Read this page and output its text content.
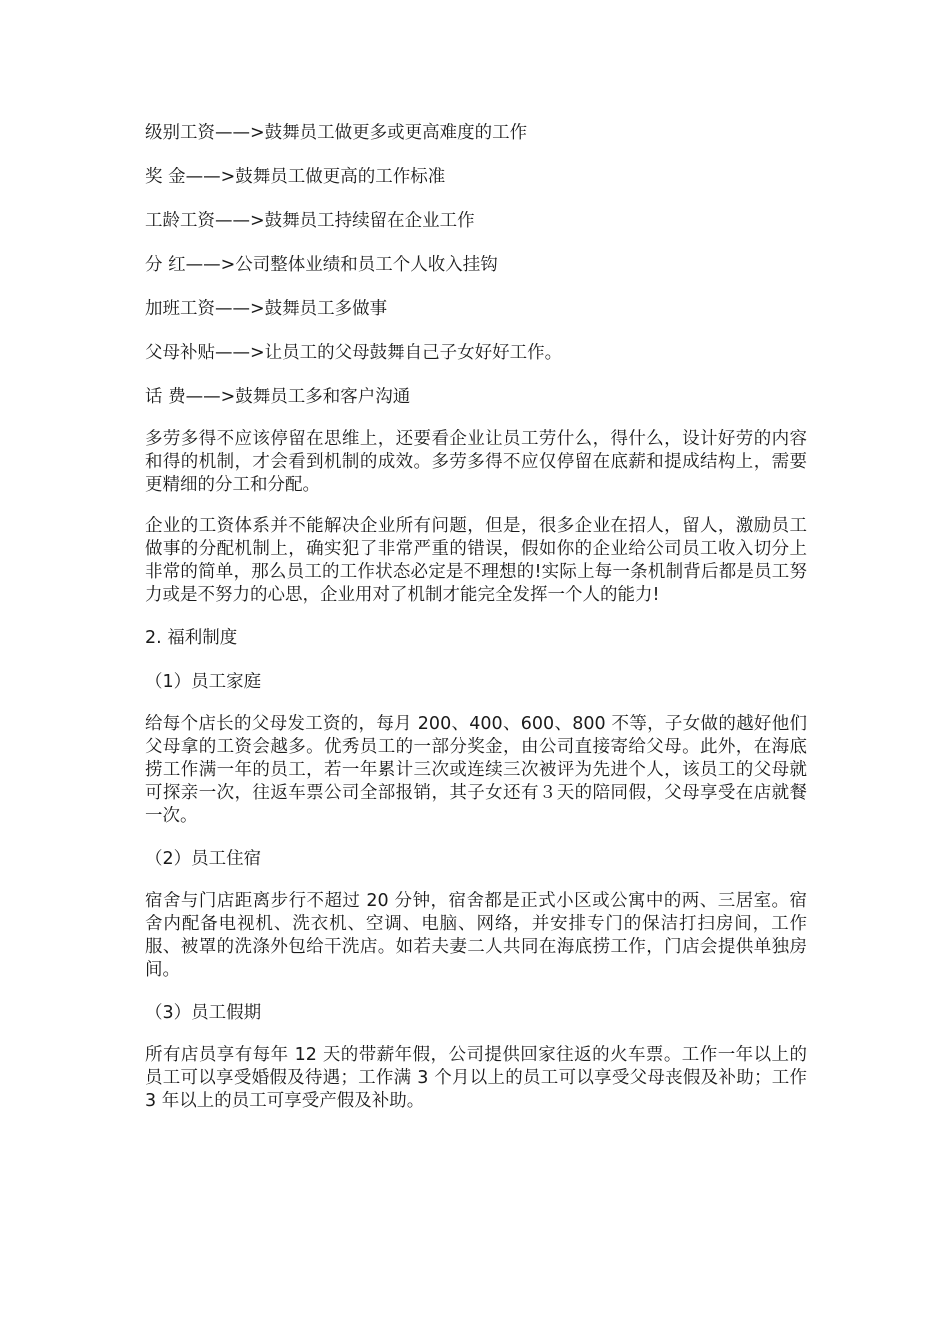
级别工资——>鼓舞员工做更多或更高难度的工作
奖 金——>鼓舞员工做更高的工作标准
工龄工资——>鼓舞员工持续留在企业工作
分 红——>公司整体业绩和员工个人收入挂钩
加班工资——>鼓舞员工多做事
父母补贴——>让员工的父母鼓舞自己子女好好工作。
话 费——>鼓舞员工多和客户沟通

多劳多得不应该停留在思维上，还要看企业让员工劳什么，得什么，设计好劳的内容和得的机制，才会看到机制的成效。多劳多得不应仅停留在底薪和提成结构上，需要更精细的分工和分配。

企业的工资体系并不能解决企业所有问题，但是，很多企业在招人，留人，激励员工做事的分配机制上，确实犯了非常严重的错误，假如你的企业给公司员工收入切分上非常的简单，那么员工的工作状态必定是不理想的!实际上每一条机制背后都是员工努力或是不努力的心思，企业用对了机制才能完全发挥一个人的能力!

2. 福利制度
（1）员工家庭

给每个店长的父母发工资的，每月 200、400、600、800 不等，子女做的越好他们父母拿的工资会越多。优秀员工的一部分奖金，由公司直接寄给父母。此外，在海底捞工作满一年的员工，若一年累计三次或连续三次被评为先进个人，该员工的父母就可探亲一次，往返车票公司全部报销，其子女还有３天的陪同假，父母享受在店就餐一次。

（2）员工住宿

宿舍与门店距离步行不超过 20 分钟，宿舍都是正式小区或公寓中的两、三居室。宿舍内配备电视机、洗衣机、空调、电脑、网络，并安排专门的保洁打扫房间，工作服、被罩的洗涤外包给干洗店。如若夫妻二人共同在海底捞工作，门店会提供单独房间。

（3）员工假期

所有店员享有每年 12 天的带薪年假，公司提供回家往返的火车票。工作一年以上的员工可以享受婚假及待遇；工作满 3 个月以上的员工可以享受父母丧假及补助；工作 3 年以上的员工可享受产假及补助。
